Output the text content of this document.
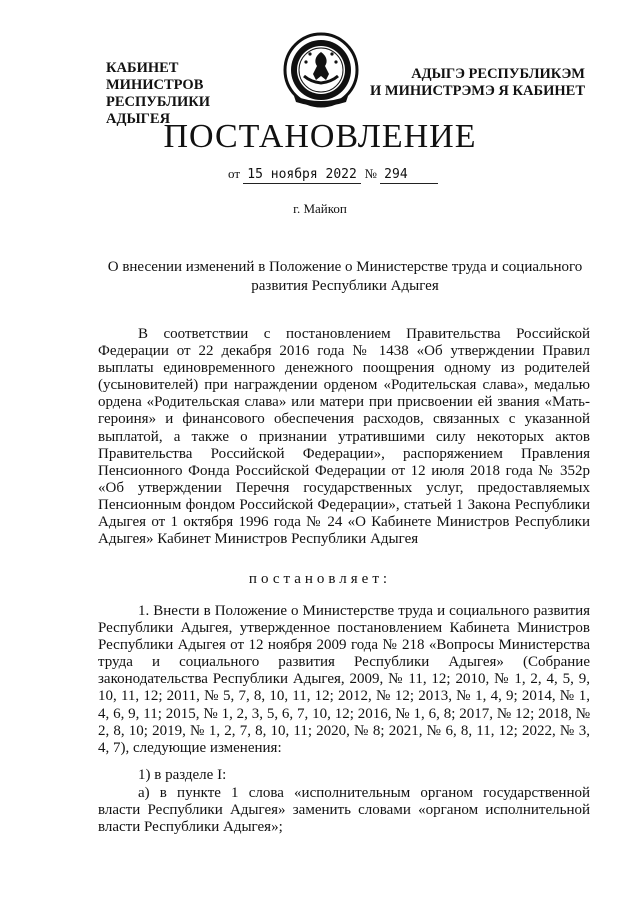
КАБИНЕТ МИНИСТРОВ
РЕСПУБЛИКИ АДЫГЕЯ
АДЫГЭ РЕСПУБЛИКЭМ
И МИНИСТРЭМЭ Я КАБИНЕТ
ПОСТАНОВЛЕНИЕ
от 15 ноября 2022 № 294
г. Майкоп
О внесении изменений в Положение о Министерстве труда и социального развития Республики Адыгея
В соответствии с постановлением Правительства Российской Федерации от 22 декабря 2016 года № 1438 «Об утверждении Правил выплаты единовременного денежного поощрения одному из родителей (усыновителей) при награждении орденом «Родительская слава», медалью ордена «Родительская слава» или матери при присвоении ей звания «Мать-героиня» и финансового обеспечения расходов, связанных с указанной выплатой, а также о признании утратившими силу некоторых актов Правительства Российской Федерации», распоряжением Правления Пенсионного Фонда Российской Федерации от 12 июля 2018 года № 352р «Об утверждении Перечня государственных услуг, предоставляемых Пенсионным фондом Российской Федерации», статьей 1 Закона Республики Адыгея от 1 октября 1996 года № 24 «О Кабинете Министров Республики Адыгея» Кабинет Министров Республики Адыгея
постановляет:
1. Внести в Положение о Министерстве труда и социального развития Республики Адыгея, утвержденное постановлением Кабинета Министров Республики Адыгея от 12 ноября 2009 года № 218 «Вопросы Министерства труда и социального развития Республики Адыгея» (Собрание законодательства Республики Адыгея, 2009, № 11, 12; 2010, № 1, 2, 4, 5, 9, 10, 11, 12; 2011, № 5, 7, 8, 10, 11, 12; 2012, № 12; 2013, № 1, 4, 9; 2014, № 1, 4, 6, 9, 11; 2015, № 1, 2, 3, 5, 6, 7, 10, 12; 2016, № 1, 6, 8; 2017, № 12; 2018, № 2, 8, 10; 2019, № 1, 2, 7, 8, 10, 11; 2020, № 8; 2021, № 6, 8, 11, 12; 2022, № 3, 4, 7), следующие изменения:
1) в разделе I:
а) в пункте 1 слова «исполнительным органом государственной власти Республики Адыгея» заменить словами «органом исполнительной власти Республики Адыгея»;
